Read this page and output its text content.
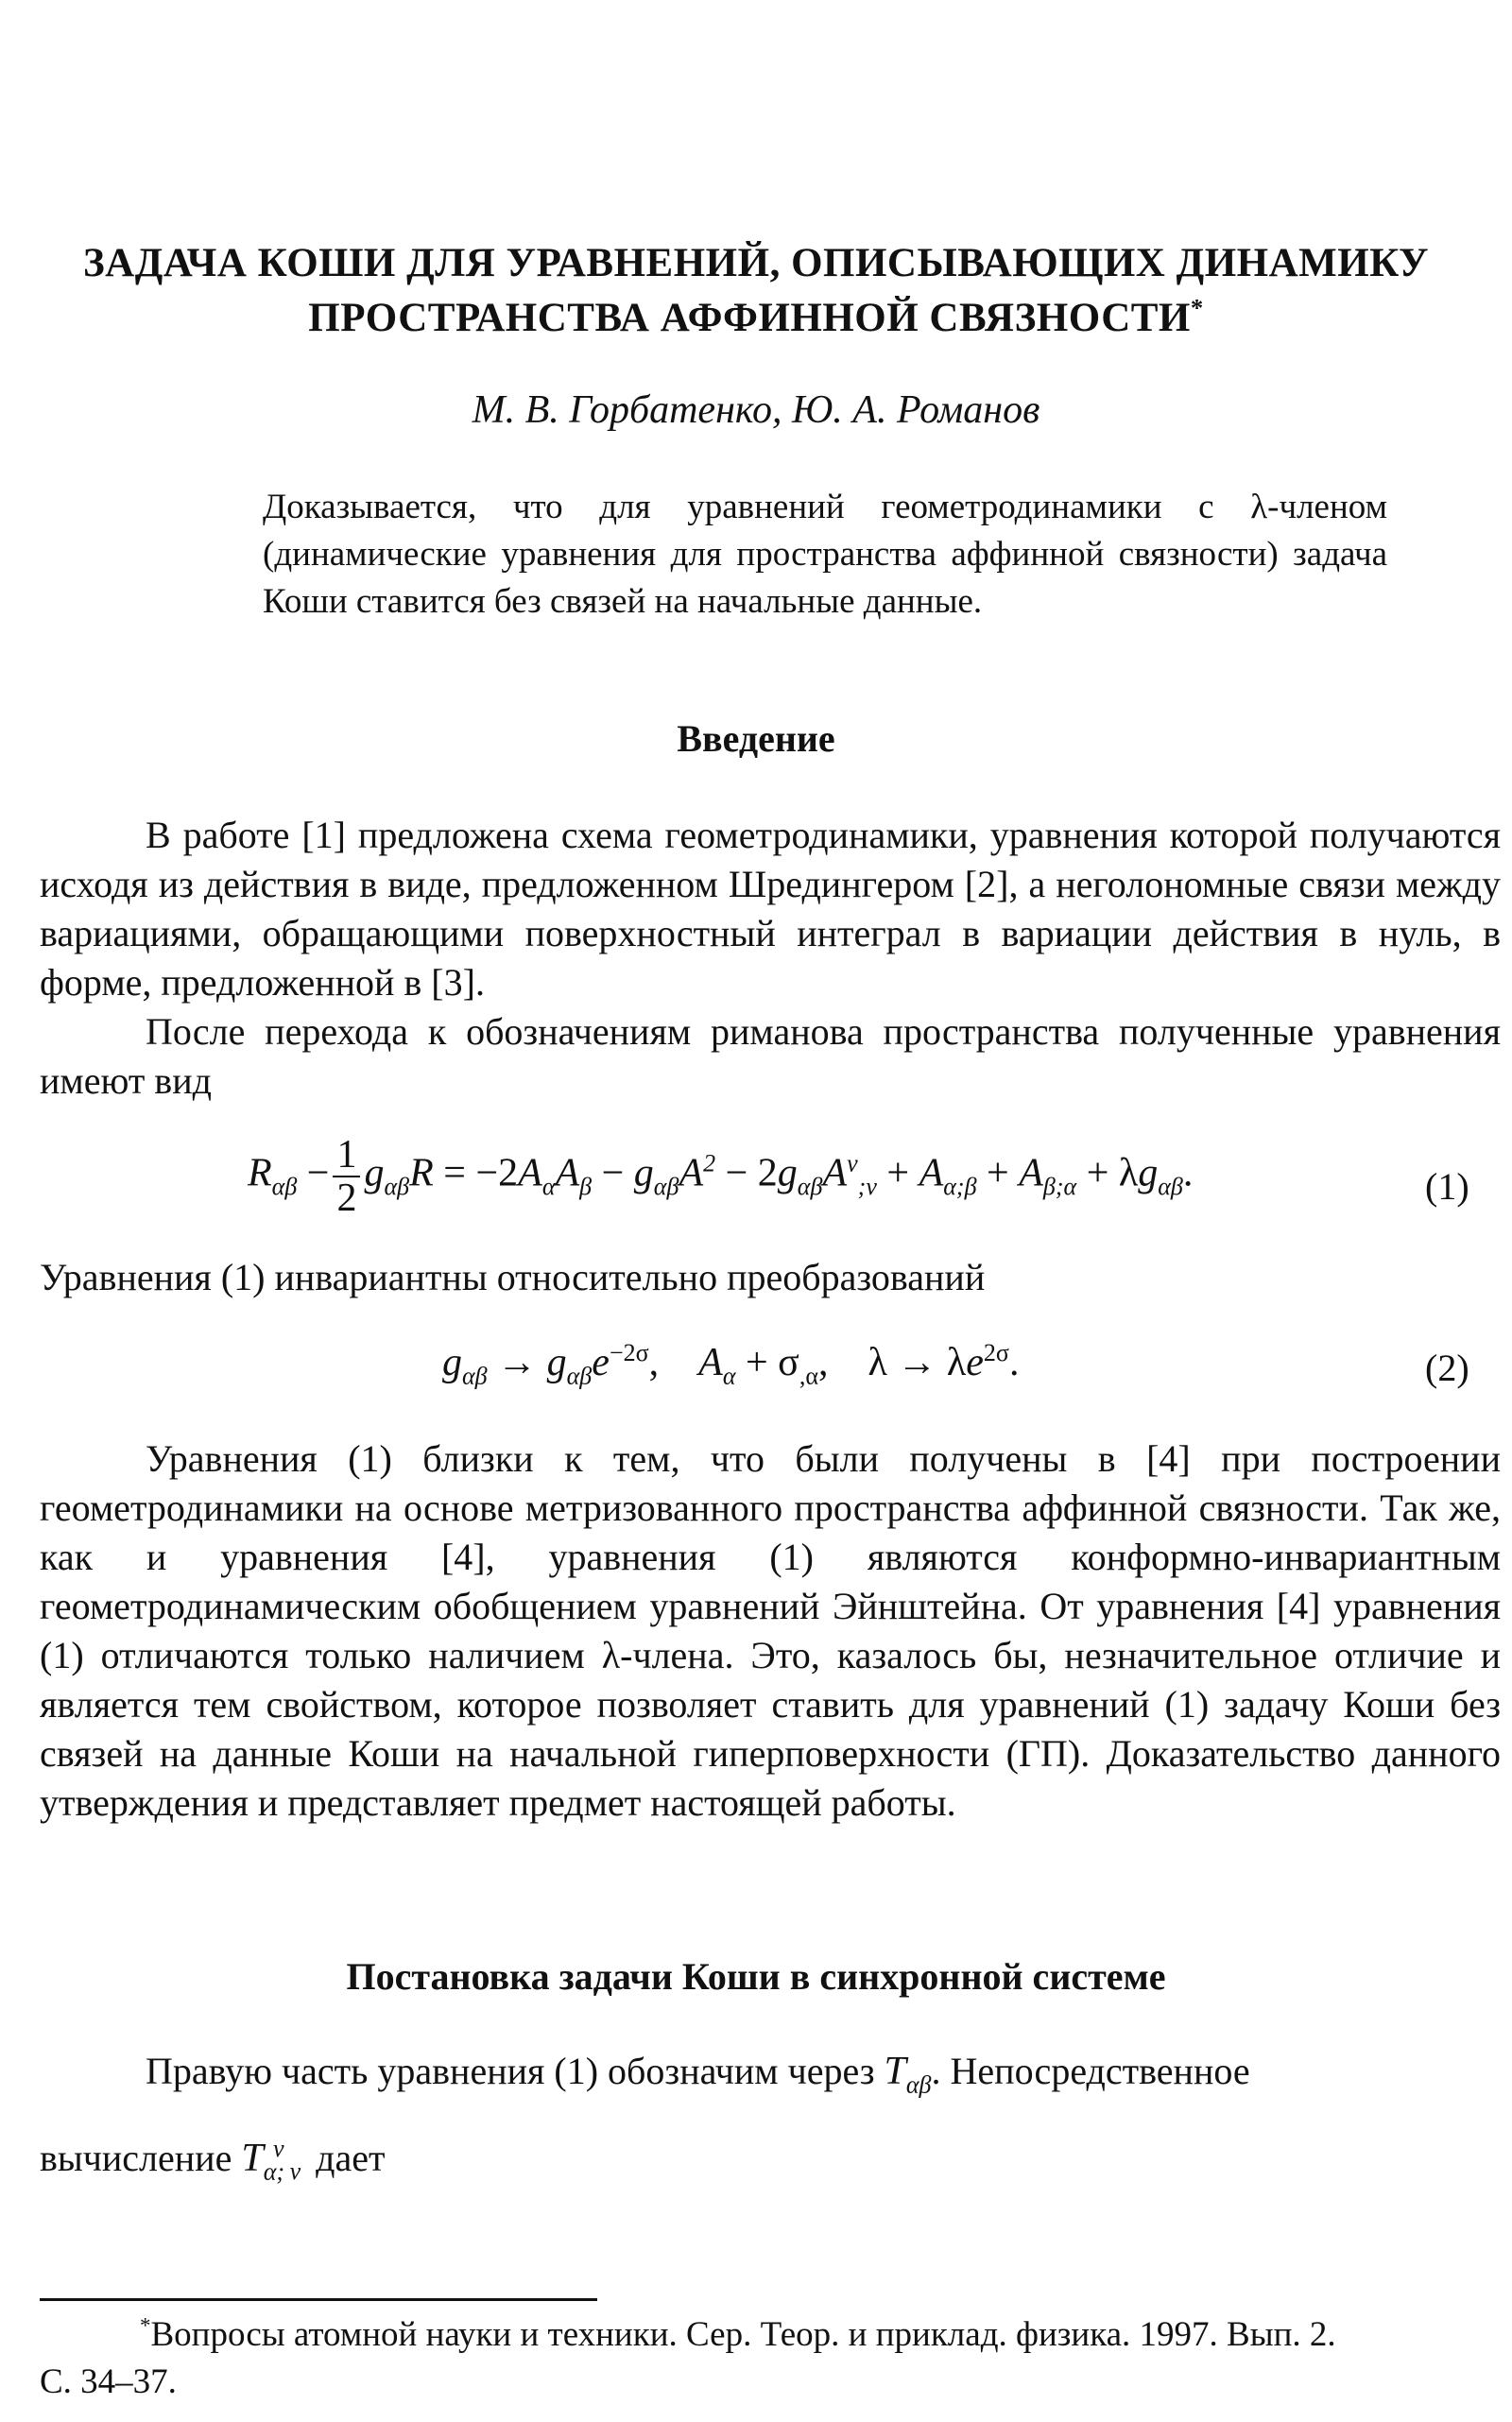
ЗАДАЧА КОШИ ДЛЯ УРАВНЕНИЙ, ОПИСЫВАЮЩИХ ДИНАМИКУ
ПРОСТРАНСТВА АФФИННОЙ СВЯЗНОСТИ*
М. В. Горбатенко, Ю. А. Романов
Доказывается, что для уравнений геометродинамики с λ-членом (динамические уравнения для пространства аффинной связности) задача Коши ставится без связей на начальные данные.
Введение

В работе [1] предложена схема геометродинамики, уравнения которой получаются исходя из действия в виде, предложенном Шредингером [2], а неголономные связи между вариациями, обращающими поверхностный интеграл в вариации действия в нуль, в форме, предложенной в [3].

После перехода к обозначениям риманова пространства полученные уравнения имеют вид

$R_{\alpha\beta} - \frac{1}{2} g_{\alpha\beta}R = -2A_\alpha A_\beta - g_{\alpha\beta}A^2 - 2g_{\alpha\beta}A^\nu_{;\nu} + A_{\alpha;\beta} + A_{\beta;\alpha} + \lambda g_{\alpha\beta}$.	(1)

Уравнения (1) инвариантны относительно преобразований

$g_{\alpha\beta} \to g_{\alpha\beta}e^{-2\sigma}$,    $A_\alpha + \sigma_{,\alpha}$, $\lambda \to \lambda e^{2\sigma}$.	(2)

Уравнения (1) близки к тем, что были получены в [4] при построении геометродинамики на основе метризованного пространства аффинной связности. Так же, как и уравнения [4], уравнения (1) являются конформно-инвариантным геометродинамическим обобщением уравнений Эйнштейна. От уравнения [4] уравнения (1) отличаются только наличием λ-члена. Это, казалось бы, незначительное отличие и является тем свойством, которое позволяет ставить для уравнений (1) задачу Коши без связей на данные Коши на начальной гиперповерхности (ГП). Доказательство данного утверждения и представляет предмет настоящей работы.

Постановка задачи Коши в синхронной системе
Правую часть уравнения (1) обозначим через $T_{\alpha\beta}$. Непосредственное
вычисление $T_{\alpha;}^\nu_\nu$ дает
*Вопросы атомной науки и техники. Сер. Теор. и приклад. физика. 1997. Вып. 2.
С. 34–37.
